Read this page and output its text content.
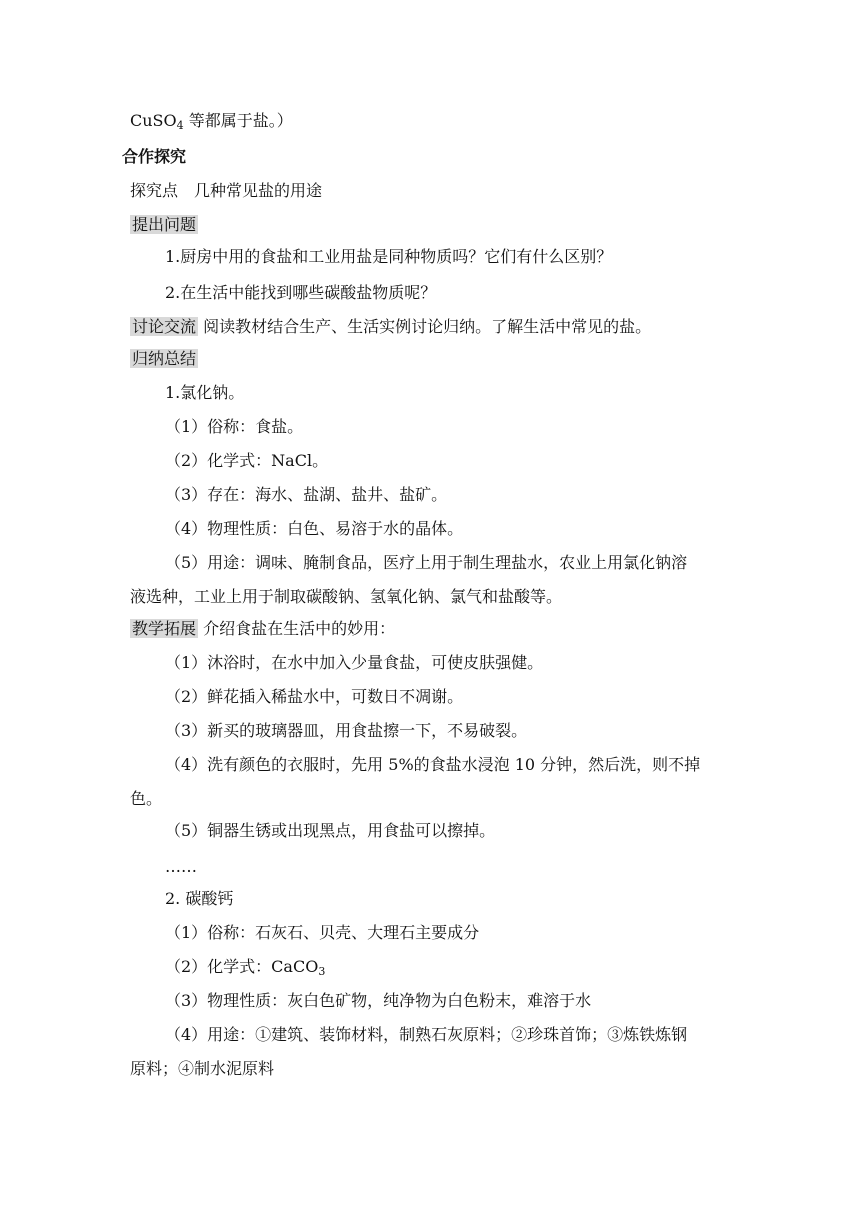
CuSO$_4$ 等都属于盐。）
合作探究
探究点　几种常见盐的用途
提出问题
1.厨房中用的食盐和工业用盐是同种物质吗？它们有什么区别？
2.在生活中能找到哪些碳酸盐物质呢？
讨论交流 阅读教材结合生产、生活实例讨论归纳。了解生活中常见的盐。
归纳总结
1.氯化钠。
（1）俗称：食盐。
（2）化学式：NaCl。
（3）存在：海水、盐湖、盐井、盐矿。
（4）物理性质：白色、易溶于水的晶体。
（5）用途：调味、腌制食品，医疗上用于制生理盐水，农业上用氯化钠溶
液选种，工业上用于制取碳酸钠、氢氧化钠、氯气和盐酸等。
教学拓展 介绍食盐在生活中的妙用：
（1）沐浴时，在水中加入少量食盐，可使皮肤强健。
（2）鲜花插入稀盐水中，可数日不凋谢。
（3）新买的玻璃器皿，用食盐擦一下，不易破裂。
（4）洗有颜色的衣服时，先用 5%的食盐水浸泡 10 分钟，然后洗，则不掉
色。
（5）铜器生锈或出现黑点，用食盐可以擦掉。
……
2. 碳酸钙
（1）俗称：石灰石、贝壳、大理石主要成分
（2）化学式：CaCO$_3$
（3）物理性质：灰白色矿物，纯净物为白色粉末，难溶于水
（4）用途：①建筑、装饰材料，制熟石灰原料；②珍珠首饰；③炼铁炼钢
原料；④制水泥原料
